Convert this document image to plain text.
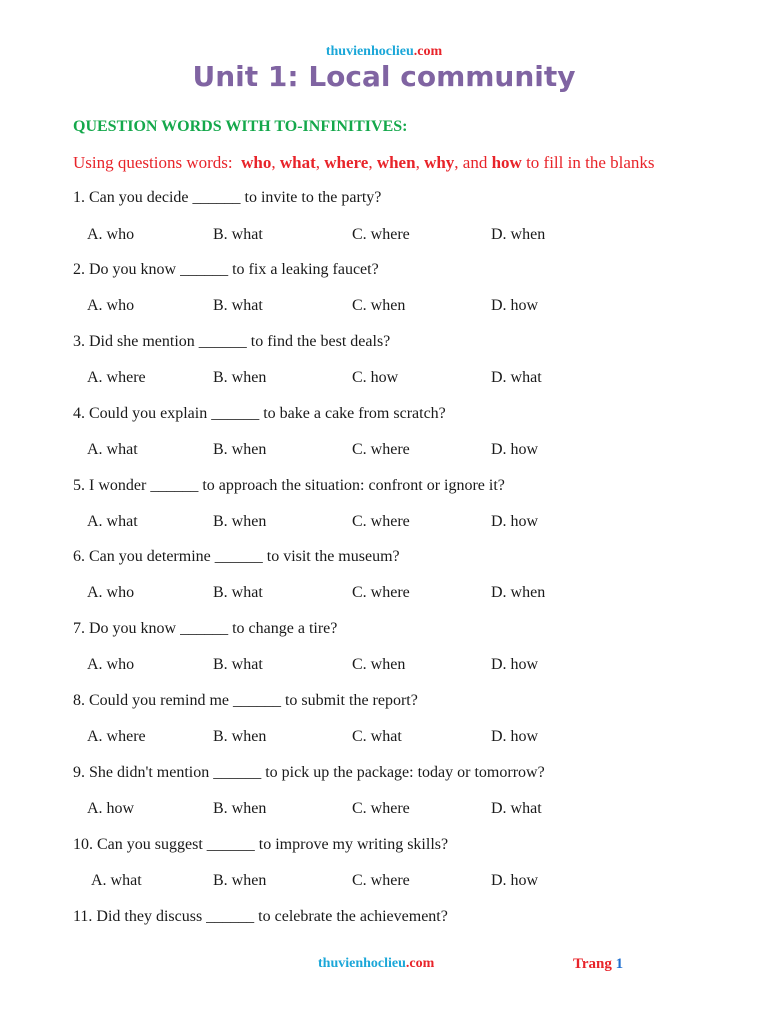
thuvienhoclieu.com
Unit 1: Local community
QUESTION WORDS WITH TO-INFINITIVES:
Using questions words: who, what, where, when, why, and how to fill in the blanks
1. Can you decide ______ to invite to the party?
A. who	B. what	C. where	D. when
2. Do you know ______ to fix a leaking faucet?
A. who	B. what	C. when	D. how
3. Did she mention ______ to find the best deals?
A. where	B. when	C. how	D. what
4. Could you explain ______ to bake a cake from scratch?
A. what	B. when	C. where	D. how
5. I wonder ______ to approach the situation: confront or ignore it?
A. what	B. when	C. where	D. how
6. Can you determine ______ to visit the museum?
A. who	B. what	C. where	D. when
7. Do you know ______ to change a tire?
A. who	B. what	C. when	D. how
8. Could you remind me ______ to submit the report?
A. where	B. when	C. what	D. how
9. She didn't mention ______ to pick up the package: today or tomorrow?
A. how	B. when	C. where	D. what
10. Can you suggest ______ to improve my writing skills?
A. what	B. when	C. where	D. how
11. Did they discuss ______ to celebrate the achievement?
thuvienhoclieu.com	Trang 1
